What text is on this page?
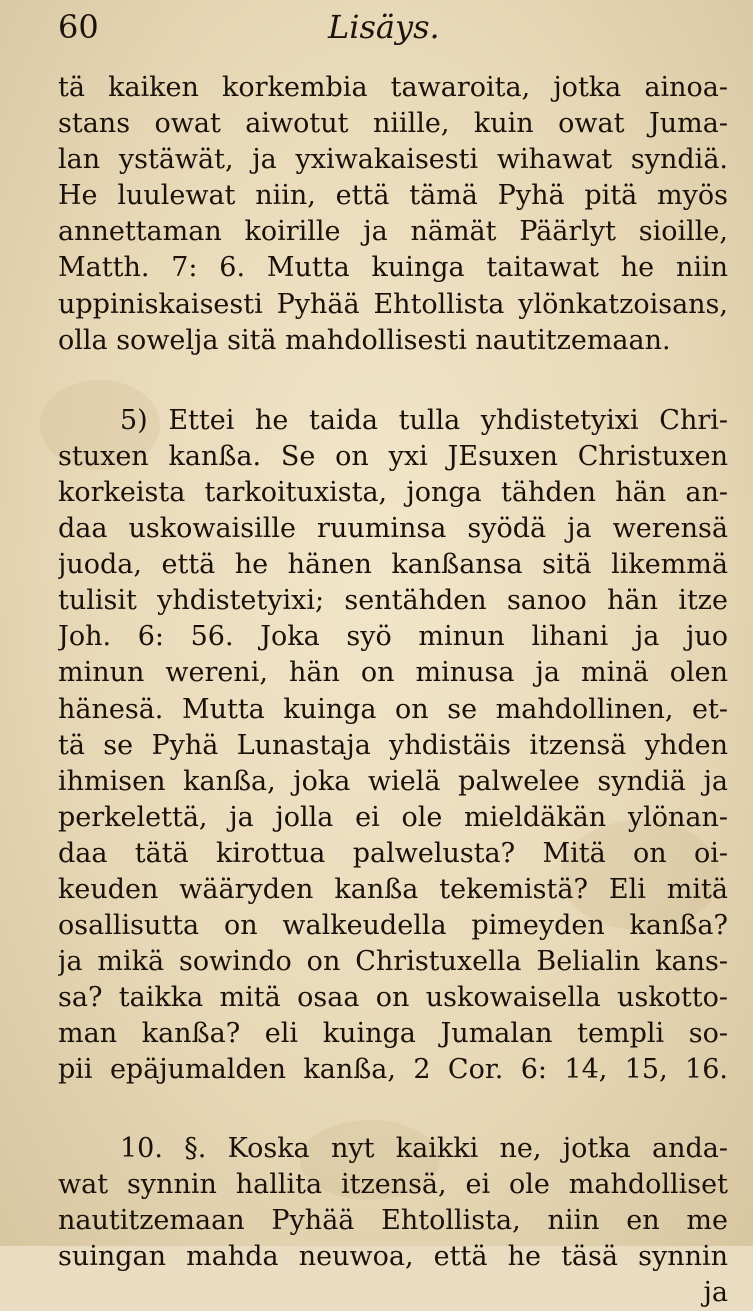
60	Lisäys.
tä kaiken korkembia tawaroita, jotka ainoa-
stans owat aiwotut niille, kuin owat Juma-
lan ystäwät, ja yxiwakaisesti wihawat syndiä.
He luulewat niin, että tämä Pyhä pitä myös
annettaman koirille ja nämät Päärlyt sioille,
Matth. 7: 6. Mutta kuinga taitawat he niin
uppiniskaisesti Pyhää Ehtollista ylönkatzoisans,
olla sowelja sitä mahdollisesti nautitzemaan.
5) Ettei he taida tulla yhdistetyixi Chri-
stuxen kanßa. Se on yxi JEsuxen Christuxen
korkeista tarkoituxista, jonga tähden hän an-
daa uskowaisille ruuminsa syödä ja werensä
juoda, että he hänen kanßansa sitä likemmä
tulisit yhdistetyixi; sentähden sanoo hän itze
Joh. 6: 56. Joka syö minun lihani ja juo
minun wereni, hän on minusa ja minä olen
hänesä. Mutta kuinga on se mahdollinen, et-
tä se Pyhä Lunastaja yhdistäis itzensä yhden
ihmisen kanßa, joka wielä palwelee syndiä ja
perkelettä, ja jolla ei ole mieldäkän ylönan-
daa tätä kirottua palwelusta? Mitä on oi-
keuden wääryden kanßa tekemistä? Eli mitä
osallisutta on walkeudella pimeyden kanßa?
ja mikä sowindo on Christuxella Belialin kans-
sa? taikka mitä osaa on uskowaisella uskotto-
man kanßa? eli kuinga Jumalan templi so-
pii epäjumalden kanßa, 2 Cor. 6: 14, 15, 16.
10. §. Koska nyt kaikki ne, jotka anda-
wat synnin hallita itzensä, ei ole mahdolliset
nautitzemaan Pyhää Ehtollista, niin en me
suingan mahda neuwoa, että he täsä synnin
ja
